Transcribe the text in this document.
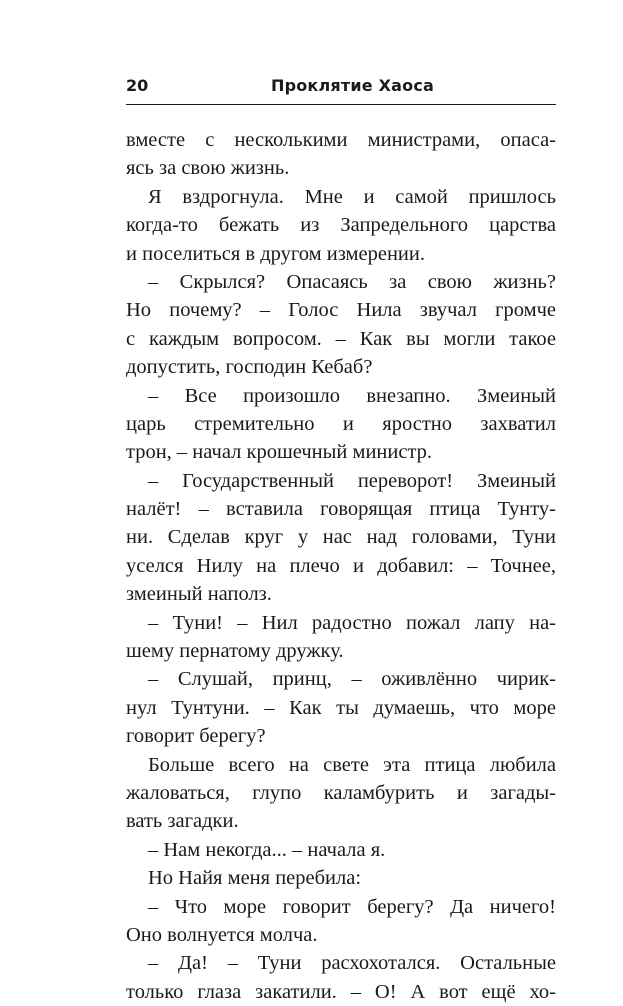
20	Проклятие Хаоса
вместе с несколькими министрами, опаса-
ясь за свою жизнь.
Я вздрогнула. Мне и самой пришлось
когда-то бежать из Запредельного царства
и поселиться в другом измерении.
– Скрылся? Опасаясь за свою жизнь?
Но почему? – Голос Нила звучал громче
с каждым вопросом. – Как вы могли такое
допустить, господин Кебаб?
– Все произошло внезапно. Змеиный
царь стремительно и яростно захватил
трон, – начал крошечный министр.
– Государственный переворот! Змеиный
налёт! – вставила говорящая птица Тунту-
ни. Сделав круг у нас над головами, Туни
уселся Нилу на плечо и добавил: – Точнее,
змеиный наполз.
– Туни! – Нил радостно пожал лапу на-
шему пернатому дружку.
– Слушай, принц, – оживлённо чирик-
нул Тунтуни. – Как ты думаешь, что море
говорит берегу?
Больше всего на свете эта птица любила
жаловаться, глупо каламбурить и загады-
вать загадки.
– Нам некогда... – начала я.
Но Найя меня перебила:
– Что море говорит берегу? Да ничего!
Оно волнуется молча.
– Да! – Туни расхохотался. Остальные
только глаза закатили. – О! А вот ещё хо-
